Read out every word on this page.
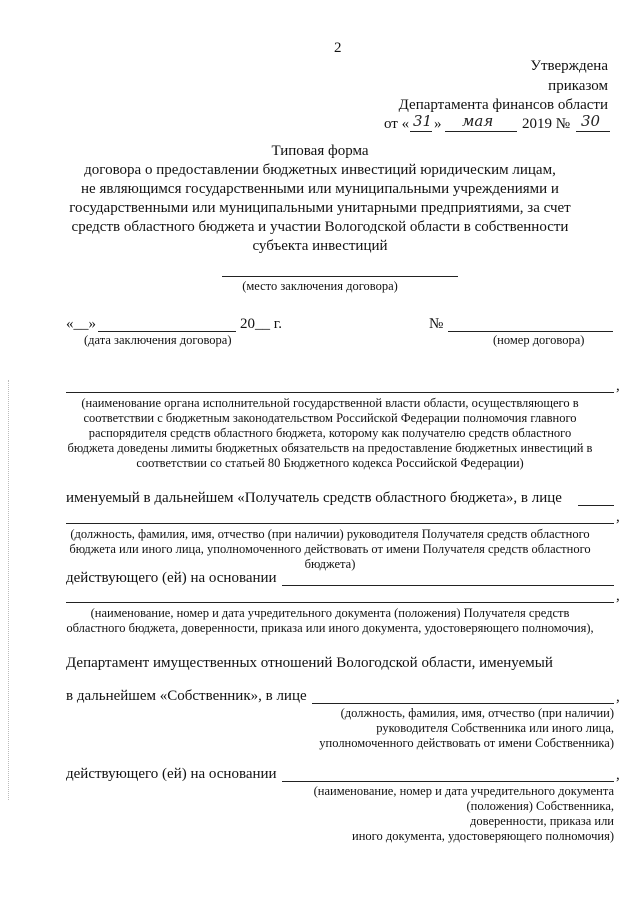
2
Утверждена
приказом
Департамента финансов области
от « 31 » мая 2019 № 30
Типовая форма
договора о предоставлении бюджетных инвестиций юридическим лицам,
не являющимся государственными или муниципальными учреждениями и
государственными или муниципальными унитарными предприятиями, за счет
средств областного бюджета и участии Вологодской области в собственности
субъекта инвестиций
(место заключения договора)
«__»	20__ г.	№
(дата заключения договора)	(номер договора)
,
(наименование органа исполнительной государственной власти области, осуществляющего в
соответствии с бюджетным законодательством Российской Федерации полномочия главного
распорядителя средств областного бюджета, которому как получателю средств областного
бюджета доведены лимиты бюджетных обязательств на предоставление бюджетных инвестиций в
соответствии со статьей 80 Бюджетного кодекса Российской Федерации)
именуемый в дальнейшем «Получатель средств областного бюджета», в лице
,
(должность, фамилия, имя, отчество (при наличии) руководителя Получателя средств областного
бюджета или иного лица, уполномоченного действовать от имени Получателя средств областного
бюджета)
действующего (ей) на основании
,
(наименование, номер и дата учредительного документа (положения) Получателя средств
областного бюджета, доверенности, приказа или иного документа, удостоверяющего полномочия),
Департамент имущественных отношений Вологодской области, именуемый
в дальнейшем «Собственник», в лице	,
(должность, фамилия, имя, отчество (при наличии)
руководителя Собственника или иного лица,
уполномоченного действовать от имени Собственника)
действующего (ей) на основании	,
(наименование, номер и дата учредительного документа
(положения) Собственника,
доверенности, приказа или
иного документа, удостоверяющего полномочия)
